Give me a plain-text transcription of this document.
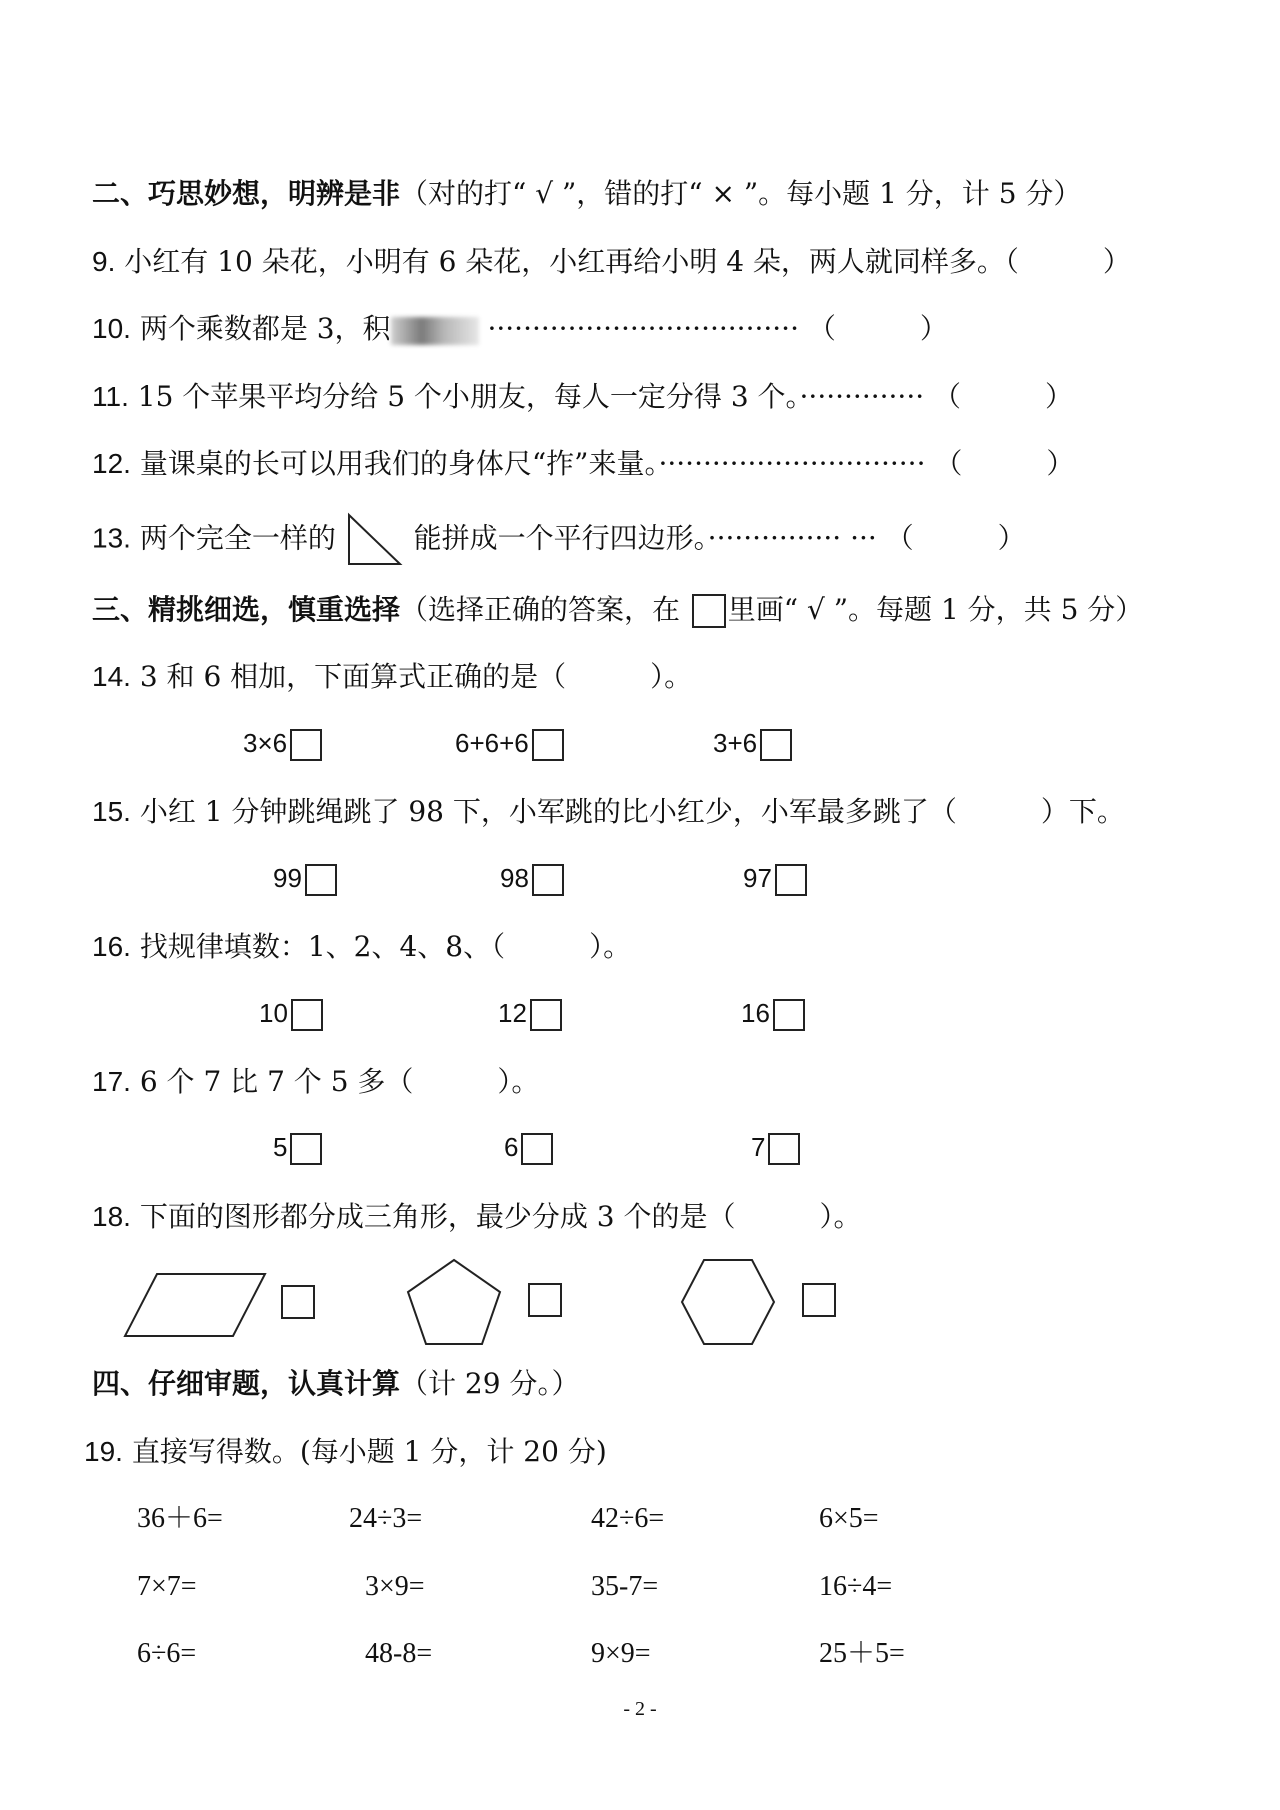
二、巧思妙想，明辨是非（对的打“ √ ”，错的打“ × ”。每小题 1 分，计 5 分）
9. 小红有 10 朵花，小明有 6 朵花，小红再给小明 4 朵，两人就同样多。（　　　）
10. 两个乘数都是 3，积	··································· （　　　）
11. 15 个苹果平均分给 5 个小朋友，每人一定分得 3 个。·············· （　　　）
12. 量课桌的长可以用我们的身体尺“拃”来量。······························ （　　　）
13. 两个完全一样的	能拼成一个平行四边形。··············· ··· （　　　）
三、精挑细选，慎重选择（选择正确的答案，在 里画“ √ ”。每题 1 分，共 5 分）
14. 3 和 6 相加，下面算式正确的是（　　　）。
3×6	6+6+6	3+6
15. 小红 1 分钟跳绳跳了 98 下，小军跳的比小红少，小军最多跳了（　　　）下。
99	98	97
16. 找规律填数：1、2、4、8、（　　　）。
10	12	16
17. 6 个 7 比 7 个 5 多（　　　）。
5	6	7
18. 下面的图形都分成三角形，最少分成 3 个的是（　　　）。
四、仔细审题，认真计算（计 29 分。）
19. 直接写得数。(每小题 1 分，计 20 分)
36＋6=	24÷3=	42÷6=	6×5=
7×7=	3×9=	35-7=	16÷4=
6÷6=	48-8=	9×9=	25＋5=
- 2 -
